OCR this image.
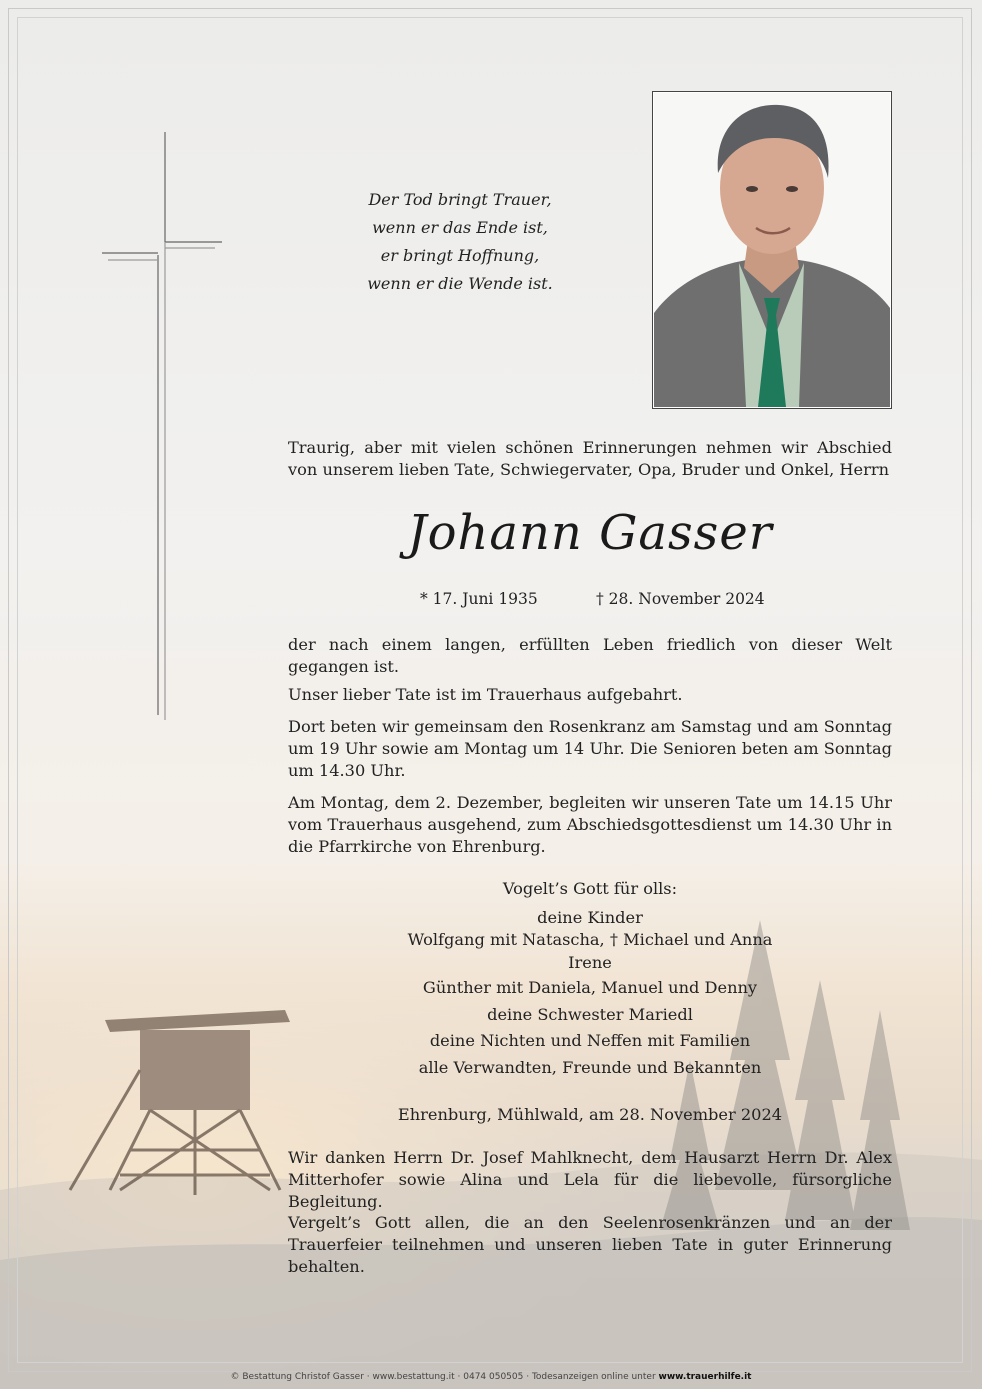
Der Tod bringt Trauer,
wenn er das Ende ist,
er bringt Hoffnung,
wenn er die Wende ist.
Traurig, aber mit vielen schönen Erinnerungen nehmen wir Abschied von unserem lieben Tate, Schwiegervater, Opa, Bruder und Onkel, Herrn
Johann Gasser
* 17. Juni 1935	† 28. November 2024
der nach einem langen, erfüllten Leben friedlich von dieser Welt gegangen ist.
Unser lieber Tate ist im Trauerhaus aufgebahrt.
Dort beten wir gemeinsam den Rosenkranz am Samstag und am Sonntag um 19 Uhr sowie am Montag um 14 Uhr. Die Senioren beten am Sonntag um 14.30 Uhr.
Am Montag, dem 2. Dezember, begleiten wir unseren Tate um 14.15 Uhr vom Trauerhaus ausgehend, zum Abschiedsgottesdienst um 14.30 Uhr in die Pfarrkirche von Ehrenburg.
Vogelt’s Gott für olls:
deine Kinder
Wolfgang mit Natascha, † Michael und Anna
Irene
Günther mit Daniela, Manuel und Denny
deine Schwester Mariedl
deine Nichten und Neffen mit Familien
alle Verwandten, Freunde und Bekannten
Ehrenburg, Mühlwald, am 28. November 2024
Wir danken Herrn Dr. Josef Mahlknecht, dem Hausarzt Herrn Dr. Alex Mitterhofer sowie Alina und Lela für die liebevolle, fürsorgliche Begleitung.
Vergelt’s Gott allen, die an den Seelenrosenkränzen und an der Trauerfeier teilnehmen und unseren lieben Tate in guter Erinnerung behalten.
© Bestattung Christof Gasser · www.bestattung.it · 0474 050505 · Todesanzeigen online unter www.trauerhilfe.it
